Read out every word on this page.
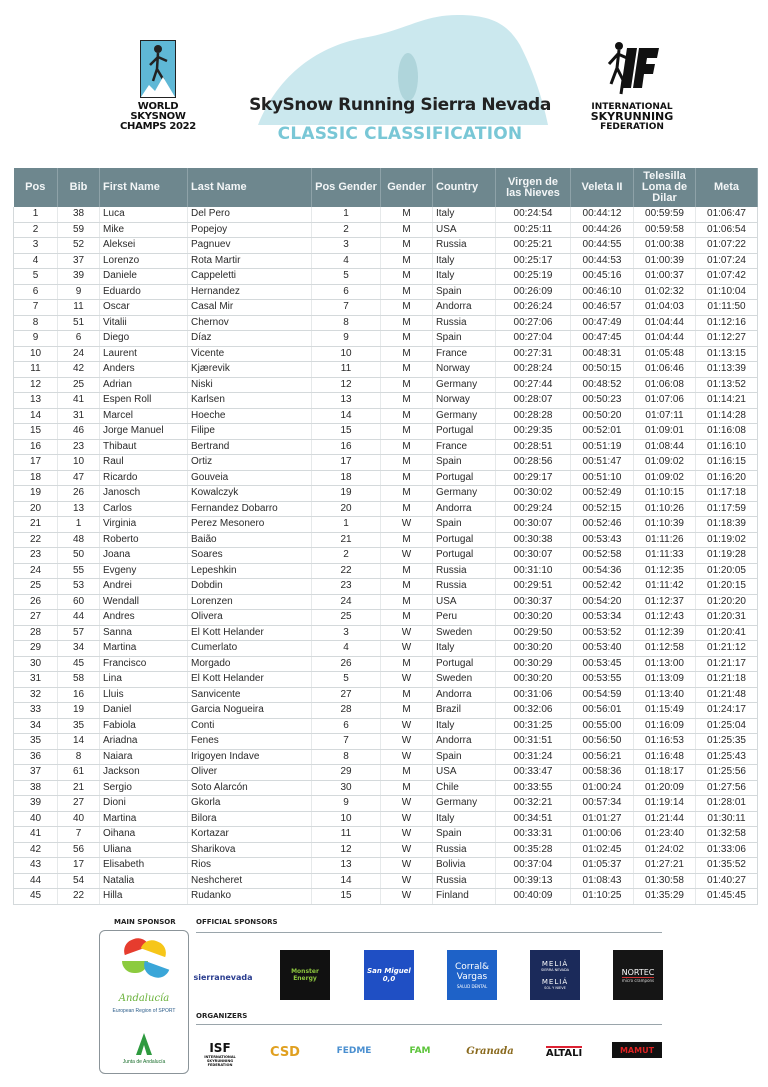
WORLD
SKYSNOW
CHAMPS 2022
SkySnow Running Sierra Nevada
CLASSIC CLASSIFICATION
INTERNATIONAL
SKYRUNNING
FEDERATION
Pos	Bib	First Name	Last Name	Pos Gender	Gender	Country	Virgen de las Nieves	Veleta II	Telesilla Loma de Dilar	Meta
1	38	Luca	Del Pero	1	M	Italy	00:24:54	00:44:12	00:59:59	01:06:47
2	59	Mike	Popejoy	2	M	USA	00:25:11	00:44:26	00:59:58	01:06:54
3	52	Aleksei	Pagnuev	3	M	Russia	00:25:21	00:44:55	01:00:38	01:07:22
4	37	Lorenzo	Rota Martir	4	M	Italy	00:25:17	00:44:53	01:00:39	01:07:24
5	39	Daniele	Cappeletti	5	M	Italy	00:25:19	00:45:16	01:00:37	01:07:42
6	9	Eduardo	Hernandez	6	M	Spain	00:26:09	00:46:10	01:02:32	01:10:04
7	11	Oscar	Casal Mir	7	M	Andorra	00:26:24	00:46:57	01:04:03	01:11:50
8	51	Vitalii	Chernov	8	M	Russia	00:27:06	00:47:49	01:04:44	01:12:16
9	6	Diego	Díaz	9	M	Spain	00:27:04	00:47:45	01:04:44	01:12:27
10	24	Laurent	Vicente	10	M	France	00:27:31	00:48:31	01:05:48	01:13:15
11	42	Anders	Kjærevik	11	M	Norway	00:28:24	00:50:15	01:06:46	01:13:39
12	25	Adrian	Niski	12	M	Germany	00:27:44	00:48:52	01:06:08	01:13:52
13	41	Espen Roll	Karlsen	13	M	Norway	00:28:07	00:50:23	01:07:06	01:14:21
14	31	Marcel	Hoeche	14	M	Germany	00:28:28	00:50:20	01:07:11	01:14:28
15	46	Jorge Manuel	Filipe	15	M	Portugal	00:29:35	00:52:01	01:09:01	01:16:08
16	23	Thibaut	Bertrand	16	M	France	00:28:51	00:51:19	01:08:44	01:16:10
17	10	Raul	Ortiz	17	M	Spain	00:28:56	00:51:47	01:09:02	01:16:15
18	47	Ricardo	Gouveia	18	M	Portugal	00:29:17	00:51:10	01:09:02	01:16:20
19	26	Janosch	Kowalczyk	19	M	Germany	00:30:02	00:52:49	01:10:15	01:17:18
20	13	Carlos	Fernandez Dobarro	20	M	Andorra	00:29:24	00:52:15	01:10:26	01:17:59
21	1	Virginia	Perez Mesonero	1	W	Spain	00:30:07	00:52:46	01:10:39	01:18:39
22	48	Roberto	Baião	21	M	Portugal	00:30:38	00:53:43	01:11:26	01:19:02
23	50	Joana	Soares	2	W	Portugal	00:30:07	00:52:58	01:11:33	01:19:28
24	55	Evgeny	Lepeshkin	22	M	Russia	00:31:10	00:54:36	01:12:35	01:20:05
25	53	Andrei	Dobdin	23	M	Russia	00:29:51	00:52:42	01:11:42	01:20:15
26	60	Wendall	Lorenzen	24	M	USA	00:30:37	00:54:20	01:12:37	01:20:20
27	44	Andres	Olivera	25	M	Peru	00:30:20	00:53:34	01:12:43	01:20:31
28	57	Sanna	El Kott Helander	3	W	Sweden	00:29:50	00:53:52	01:12:39	01:20:41
29	34	Martina	Cumerlato	4	W	Italy	00:30:20	00:53:40	01:12:58	01:21:12
30	45	Francisco	Morgado	26	M	Portugal	00:30:29	00:53:45	01:13:00	01:21:17
31	58	Lina	El Kott Helander	5	W	Sweden	00:30:20	00:53:55	01:13:09	01:21:18
32	16	Lluis	Sanvicente	27	M	Andorra	00:31:06	00:54:59	01:13:40	01:21:48
33	19	Daniel	Garcia Nogueira	28	M	Brazil	00:32:06	00:56:01	01:15:49	01:24:17
34	35	Fabiola	Conti	6	W	Italy	00:31:25	00:55:00	01:16:09	01:25:04
35	14	Ariadna	Fenes	7	W	Andorra	00:31:51	00:56:50	01:16:53	01:25:35
36	8	Naiara	Irigoyen Indave	8	W	Spain	00:31:24	00:56:21	01:16:48	01:25:43
37	61	Jackson	Oliver	29	M	USA	00:33:47	00:58:36	01:18:17	01:25:56
38	21	Sergio	Soto Alarcón	30	M	Chile	00:33:55	01:00:24	01:20:09	01:27:56
39	27	Dioni	Gkorla	9	W	Germany	00:32:21	00:57:34	01:19:14	01:28:01
40	40	Martina	Bilora	10	W	Italy	00:34:51	01:01:27	01:21:44	01:30:11
41	7	Oihana	Kortazar	11	W	Spain	00:33:31	01:00:06	01:23:40	01:32:58
42	56	Uliana	Sharikova	12	W	Russia	00:35:28	01:02:45	01:24:02	01:33:06
43	17	Elisabeth	Rios	13	W	Bolivia	00:37:04	01:05:37	01:27:21	01:35:52
44	54	Natalia	Neshcheret	14	W	Russia	00:39:13	01:08:43	01:30:58	01:40:27
45	22	Hilla	Rudanko	15	W	Finland	00:40:09	01:10:25	01:35:29	01:45:45
MAIN SPONSOR	OFFICIAL SPONSORS
Andalucía
European Region of SPORT
Junta de Andalucía
sierranevada
Monster Energy
San Miguel 0,0
Corral& Vargas
SALUD DENTAL
MELIÁ
SIERRA NEVADA
MELIÁ
SOL Y NIEVE
NORTEC
micro crampons
ORGANIZERS
ISF
INTERNATIONAL SKYRUNNING FEDERATION
CSD	FEDME	FAM	Granada	ALTALI	MAMUT
